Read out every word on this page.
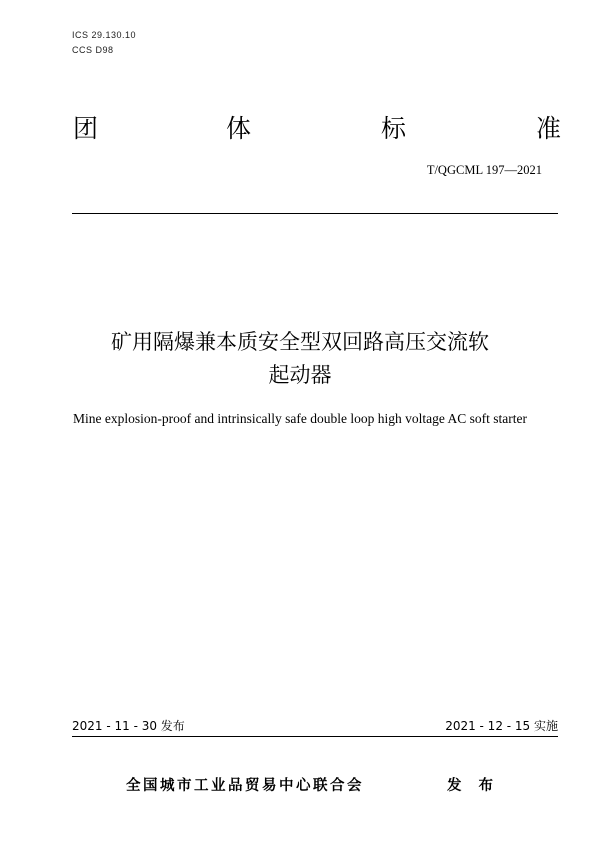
ICS 29.130.10
CCS D98
团	体	标	准
T/QGCML 197—2021
矿用隔爆兼本质安全型双回路高压交流软
起动器
Mine explosion-proof and intrinsically safe double loop high voltage AC soft starter
2021 - 11 - 30 发布	2021 - 12 - 15 实施
全国城市工业品贸易中心联合会	发 布
